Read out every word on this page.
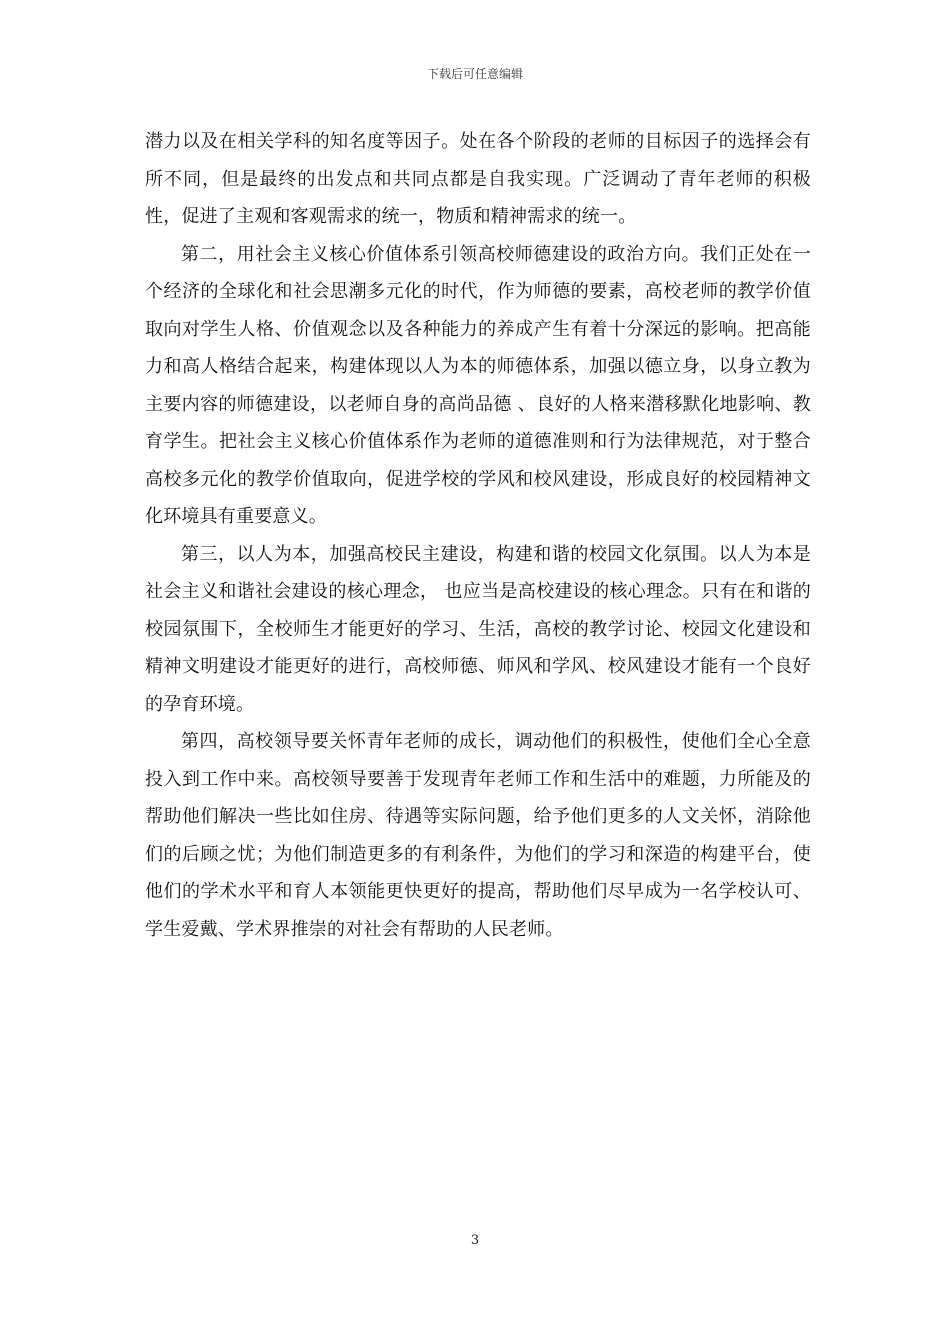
下载后可任意编辑

潜力以及在相关学科的知名度等因子。处在各个阶段的老师的目标因子的选择会有所不同，但是最终的出发点和共同点都是自我实现。广泛调动了青年老师的积极性，促进了主观和客观需求的统一，物质和精神需求的统一。

第二，用社会主义核心价值体系引领高校师德建设的政治方向。我们正处在一个经济的全球化和社会思潮多元化的时代，作为师德的要素，高校老师的教学价值取向对学生人格、价值观念以及各种能力的养成产生有着十分深远的影响。把高能力和高人格结合起来，构建体现以人为本的师德体系，加强以德立身，以身立教为主要内容的师德建设，以老师自身的高尚品德 、良好的人格来潜移默化地影响、教育学生。把社会主义核心价值体系作为老师的道德准则和行为法律规范，对于整合高校多元化的教学价值取向，促进学校的学风和校风建设，形成良好的校园精神文化环境具有重要意义。

第三，以人为本，加强高校民主建设，构建和谐的校园文化氛围。以人为本是社会主义和谐社会建设的核心理念， 也应当是高校建设的核心理念。只有在和谐的校园氛围下，全校师生才能更好的学习、生活，高校的教学讨论、校园文化建设和精神文明建设才能更好的进行，高校师德、师风和学风、校风建设才能有一个良好的孕育环境。

第四，高校领导要关怀青年老师的成长，调动他们的积极性，使他们全心全意投入到工作中来。高校领导要善于发现青年老师工作和生活中的难题，力所能及的帮助他们解决一些比如住房、待遇等实际问题，给予他们更多的人文关怀，消除他们的后顾之忧；为他们制造更多的有利条件，为他们的学习和深造的构建平台，使他们的学术水平和育人本领能更快更好的提高，帮助他们尽早成为一名学校认可、学生爱戴、学术界推崇的对社会有帮助的人民老师。

3
